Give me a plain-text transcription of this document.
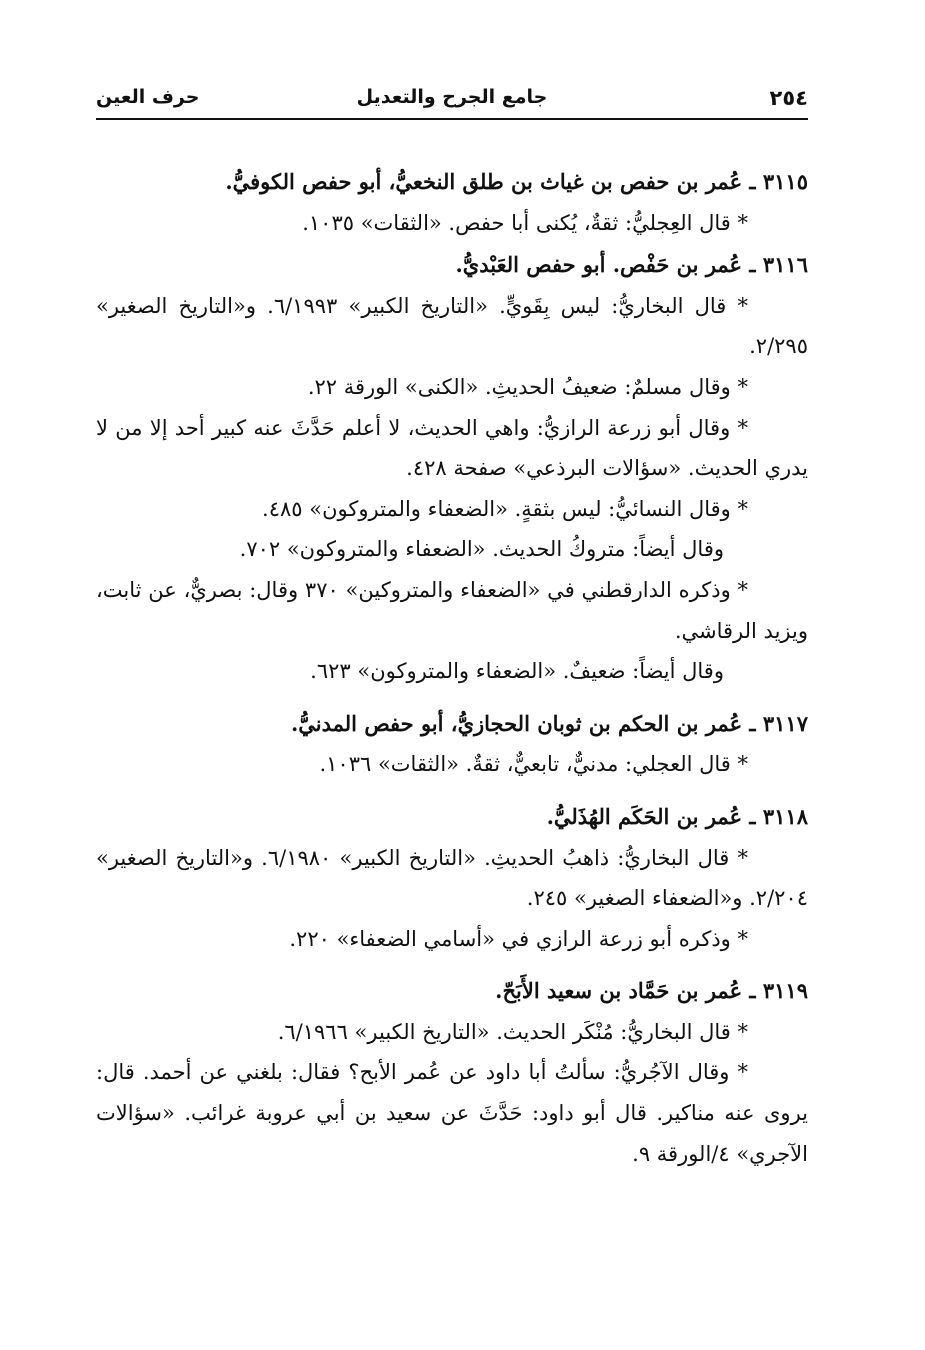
٢٥٤
جامع الجرح والتعديل
حرف العين

٣١١٥ ـ عُمر بن حفص بن غياث بن طلق النخعيُّ، أبو حفص الكوفيُّ.

* قال العِجليُّ: ثقةٌ، يُكنى أبا حفص. «الثقات» ١٠٣٥.

٣١١٦ ـ عُمر بن حَفْص. أبو حفص العَبْديُّ.

* قال البخاريُّ: ليس بِقَويٍّ. «التاريخ الكبير» ٦/١٩٩٣. و«التاريخ الصغير» ٢/٢٩٥.

* وقال مسلمٌ: ضعيفُ الحديثِ. «الكنى» الورقة ٢٢.

* وقال أبو زرعة الرازيُّ: واهي الحديث، لا أعلم حَدَّثَ عنه كبير أحد إلا من لا يدري الحديث. «سؤالات البرذعي» صفحة ٤٢٨.

* وقال النسائيُّ: ليس بثقةٍ. «الضعفاء والمتروكون» ٤٨٥.

وقال أيضاً: متروكُ الحديث. «الضعفاء والمتروكون» ٧٠٢.

* وذكره الدارقطني في «الضعفاء والمتروكين» ٣٧٠ وقال: بصريٌّ، عن ثابت، ويزيد الرقاشي.

وقال أيضاً: ضعيفٌ. «الضعفاء والمتروكون» ٦٢٣.

٣١١٧ ـ عُمر بن الحكم بن ثوبان الحجازيُّ، أبو حفص المدنيُّ.

* قال العجلي: مدنيٌّ، تابعيٌّ، ثقةٌ. «الثقات» ١٠٣٦.

٣١١٨ ـ عُمر بن الحَكَم الهُذَليُّ.

* قال البخاريُّ: ذاهبُ الحديثِ. «التاريخ الكبير» ٦/١٩٨٠. و«التاريخ الصغير» ٢/٢٠٤. و«الضعفاء الصغير» ٢٤٥.

* وذكره أبو زرعة الرازي في «أسامي الضعفاء» ٢٢٠.

٣١١٩ ـ عُمر بن حَمَّاد بن سعيد الأَبَحّ.

* قال البخاريُّ: مُنْكَر الحديث. «التاريخ الكبير» ٦/١٩٦٦.

* وقال الآجُريُّ: سألتُ أبا داود عن عُمر الأبح؟ فقال: بلغني عن أحمد. قال: يروى عنه مناكير. قال أبو داود: حَدَّثَ عن سعيد بن أبي عروبة غرائب. «سؤالات الآجري» ٤/الورقة ٩.
